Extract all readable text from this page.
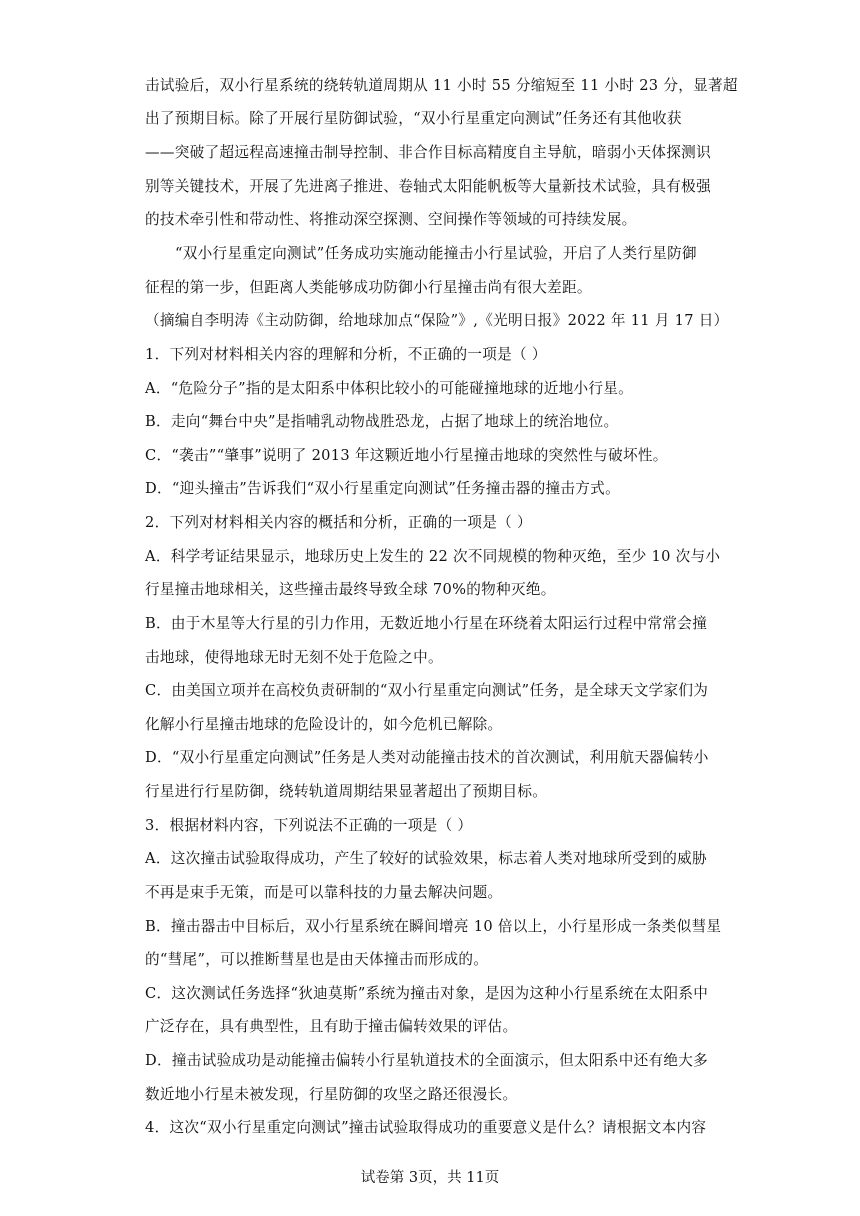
击试验后，双小行星系统的绕转轨道周期从 11 小时 55 分缩短至 11 小时 23 分，显著超
出了预期目标。除了开展行星防御试验，“双小行星重定向测试”任务还有其他收获
——突破了超远程高速撞击制导控制、非合作目标高精度自主导航，暗弱小天体探测识
别等关键技术，开展了先进离子推进、卷轴式太阳能帆板等大量新技术试验，具有极强
的技术牵引性和带动性、将推动深空探测、空间操作等领域的可持续发展。
“双小行星重定向测试”任务成功实施动能撞击小行星试验，开启了人类行星防御
征程的第一步，但距离人类能够成功防御小行星撞击尚有很大差距。
（摘编自李明涛《主动防御，给地球加点“保险”》,《光明日报》2022 年 11 月 17 日）
1．下列对材料相关内容的理解和分析，不正确的一项是（ ）
A．“危险分子”指的是太阳系中体积比较小的可能碰撞地球的近地小行星。
B．走向“舞台中央”是指哺乳动物战胜恐龙，占据了地球上的统治地位。
C．“袭击”“肇事”说明了 2013 年这颗近地小行星撞击地球的突然性与破坏性。
D．“迎头撞击”告诉我们“双小行星重定向测试”任务撞击器的撞击方式。
2．下列对材料相关内容的概括和分析，正确的一项是（ ）
A．科学考证结果显示，地球历史上发生的 22 次不同规模的物种灭绝，至少 10 次与小
行星撞击地球相关，这些撞击最终导致全球 70%的物种灭绝。
B．由于木星等大行星的引力作用，无数近地小行星在环绕着太阳运行过程中常常会撞
击地球，使得地球无时无刻不处于危险之中。
C．由美国立项并在高校负责研制的“双小行星重定向测试”任务，是全球天文学家们为
化解小行星撞击地球的危险设计的，如今危机已解除。
D．“双小行星重定向测试”任务是人类对动能撞击技术的首次测试，利用航天器偏转小
行星进行行星防御，绕转轨道周期结果显著超出了预期目标。
3．根据材料内容，下列说法不正确的一项是（ ）
A．这次撞击试验取得成功，产生了较好的试验效果，标志着人类对地球所受到的威胁
不再是束手无策，而是可以靠科技的力量去解决问题。
B．撞击器击中目标后，双小行星系统在瞬间增亮 10 倍以上，小行星形成一条类似彗星
的“彗尾”，可以推断彗星也是由天体撞击而形成的。
C．这次测试任务选择“狄迪莫斯”系统为撞击对象，是因为这种小行星系统在太阳系中
广泛存在，具有典型性，且有助于撞击偏转效果的评估。
D．撞击试验成功是动能撞击偏转小行星轨道技术的全面演示，但太阳系中还有绝大多
数近地小行星未被发现，行星防御的攻坚之路还很漫长。
4．这次“双小行星重定向测试”撞击试验取得成功的重要意义是什么？请根据文本内容
试卷第 3页，共 11页
